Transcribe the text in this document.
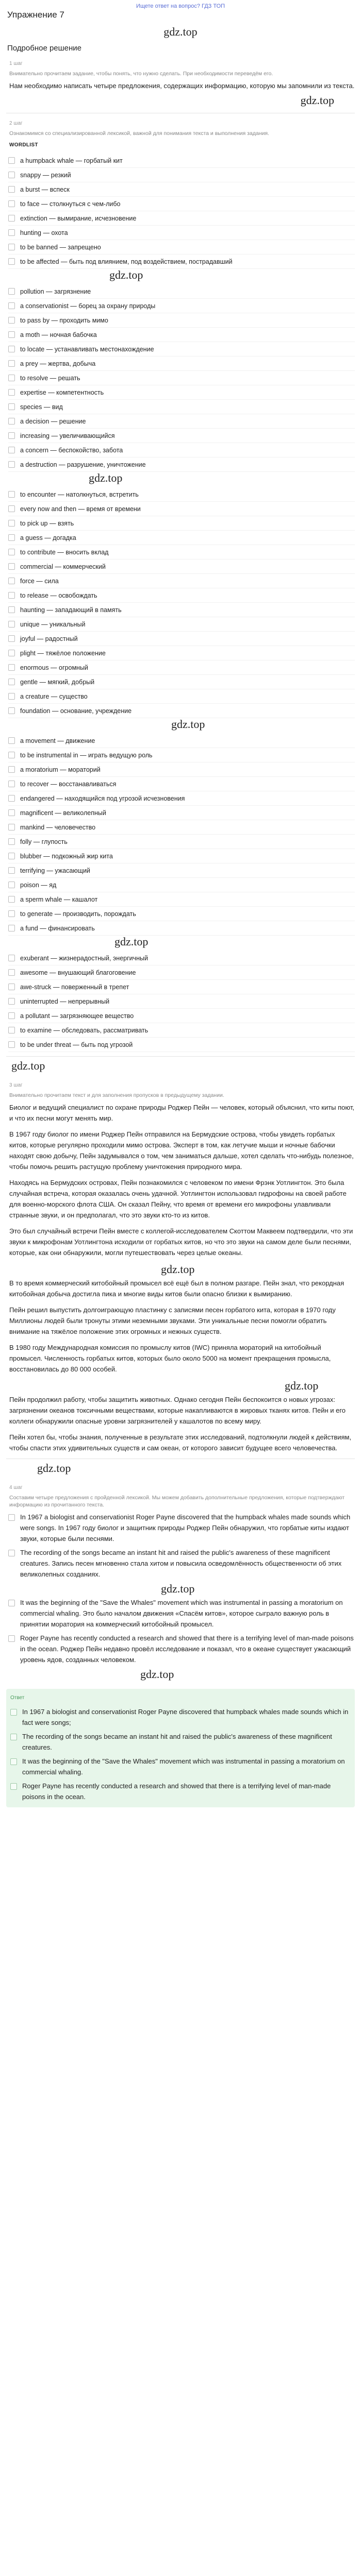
Ищете ответ на вопрос? ГДЗ ТОП
Упражнение 7
gdz.top
Подробное решение
1 шаг
Внимательно прочитаем задание, чтобы понять, что нужно сделать. При необходимости переведём его.
Нам необходимо написать четыре предложения, содержащих информацию, которую мы запомнили из текста.
gdz.top
2 шаг
Ознакомимся со специализированной лексикой, важной для понимания текста и выполнения задания.
WORDLIST
a humpback whale — горбатый кит
snappy — резкий
a burst — вспеск
to face — столкнуться с чем-либо
extinction — вымирание, исчезновение
hunting — охота
to be banned — запрещено
to be affected — быть под влиянием, под воздействием, пострадавший
gdz.top
pollution — загрязнение
a conservationist — борец за охрану природы
to pass by — проходить мимо
a moth — ночная бабочка
to locate — устанавливать местонахождение
a prey — жертва, добыча
to resolve — решать
expertise — компетентность
species — вид
a decision — решение
increasing — увеличивающийся
a concern — беспокойство, забота
a destruction — разрушение, уничтожение
gdz.top
to encounter — натолкнуться, встретить
every now and then — время от времени
to pick up — взять
a guess — догадка
to contribute — вносить вклад
commercial — коммерческий
force — сила
to release — освобождать
haunting — западающий в память
unique — уникальный
joyful — радостный
plight — тяжёлое положение
enormous — огромный
gentle — мягкий, добрый
a creature — существо
foundation — основание, учреждение
gdz.top
a movement — движение
to be instrumental in — играть ведущую роль
a moratorium — мораторий
to recover — восстанавливаться
endangered — находящийся под угрозой исчезновения
magnificent — великолепный
mankind — человечество
folly — глупость
blubber — подкожный жир кита
terrifying — ужасающий
poison — яд
a sperm whale — кашалот
to generate — производить, порождать
a fund — финансировать
gdz.top
exuberant — жизнерадостный, энергичный
awesome — внушающий благоговение
awe-struck — поверженный в трепет
uninterrupted — непрерывный
a pollutant — загрязняющее вещество
to examine — обследовать, рассматривать
to be under threat — быть под угрозой
gdz.top
3 шаг
Внимательно прочитаем текст и для заполнения пропусков в предыдущему задании.
Биолог и ведущий специалист по охране природы Роджер Пейн — человек, который объяснил, что киты поют, и что их песни могут менять мир.
В 1967 году биолог по имени Роджер Пейн отправился на Бермудские острова, чтобы увидеть горбатых китов, которые регулярно проходили мимо острова. Эксперт в том, как летучие мыши и ночные бабочки находят свою добычу, Пейн задумывался о том, чем заниматься дальше, хотел сделать что-нибудь полезное, чтобы помочь решить растущую проблему уничтожения природного мира.
Находясь на Бермудских островах, Пейн познакомился с человеком по имени Фрэнк Уотлингтон. Это была случайная встреча, которая оказалась очень удачной. Уотлингтон использовал гидрофоны на своей работе для военно-морского флота США. Он сказал Пейну, что время от времени его микрофоны улавливали странные звуки, и он предполагал, что это звуки кто-то из китов.
Это был случайный встречи Пейн вместе с коллегой-исследователем Скоттом Маквеем подтвердили, что эти звуки к микрофонам Уотлингтона исходили от горбатых китов, но что это звуки на самом деле были песнями, которые, как они обнаружили, могли путешествовать через целые океаны.
gdz.top
В то время коммерческий китобойный промысел всё ещё был в полном разгаре. Пейн знал, что рекордная китобойная добыча достигла пика и многие виды китов были опасно близки к вымиранию.
Пейн решил выпустить долгоиграющую пластинку с записями песен горбатого кита, которая в 1970 году Миллионы людей были тронуты этими неземными звуками. Эти уникальные песни помогли обратить внимание на тяжёлое положение этих огромных и нежных существ.
В 1980 году Международная комиссия по промыслу китов (IWC) приняла мораторий на китобойный промысел. Численность горбатых китов, которых было около 5000 на момент прекращения промысла, восстановилась до 80 000 особей.
gdz.top
Пейн продолжил работу, чтобы защитить животных. Однако сегодня Пейн беспокоится о новых угрозах: загрязнении океанов токсичными веществами, которые накапливаются в жировых тканях китов. Пейн и его коллеги обнаружили опасные уровни загрязнителей у кашалотов по всему миру.
Пейн хотел бы, чтобы знания, полученные в результате этих исследований, подтолкнули людей к действиям, чтобы спасти этих удивительных существ и сам океан, от которого зависит будущее всего человечества.
gdz.top
4 шаг
Составим четыре предложения с пройденной лексикой. Мы можем добавить дополнительные предложения, которые подтверждают информацию из прочитанного текста.
In 1967 a biologist and conservationist Roger Payne discovered that the humpback whales made sounds which were songs. In 1967 году биолог и защитник природы Роджер Пейн обнаружил, что горбатые киты издают звуки, которые были песнями.
The recording of the songs became an instant hit and raised the public's awareness of these magnificent creatures. Запись песен мгновенно стала хитом и повысила осведомлённость общественности об этих великолепных созданиях.
gdz.top
It was the beginning of the "Save the Whales" movement which was instrumental in passing a moratorium on commercial whaling. Это было началом движения «Спасём китов», которое сыграло важную роль в принятии моратория на коммерческий китобойный промысел.
Roger Payne has recently conducted a research and showed that there is a terrifying level of man-made poisons in the ocean. Роджер Пейн недавно провёл исследование и показал, что в океане существует ужасающий уровень ядов, созданных человеком.
gdz.top
Ответ
In 1967 a biologist and conservationist Roger Payne discovered that humpback whales made sounds which in fact were songs;
The recording of the songs became an instant hit and raised the public's awareness of these magnificent creatures.
It was the beginning of the "Save the Whales" movement which was instrumental in passing a moratorium on commercial whaling.
Roger Payne has recently conducted a research and showed that there is a terrifying level of man-made poisons in the ocean.
